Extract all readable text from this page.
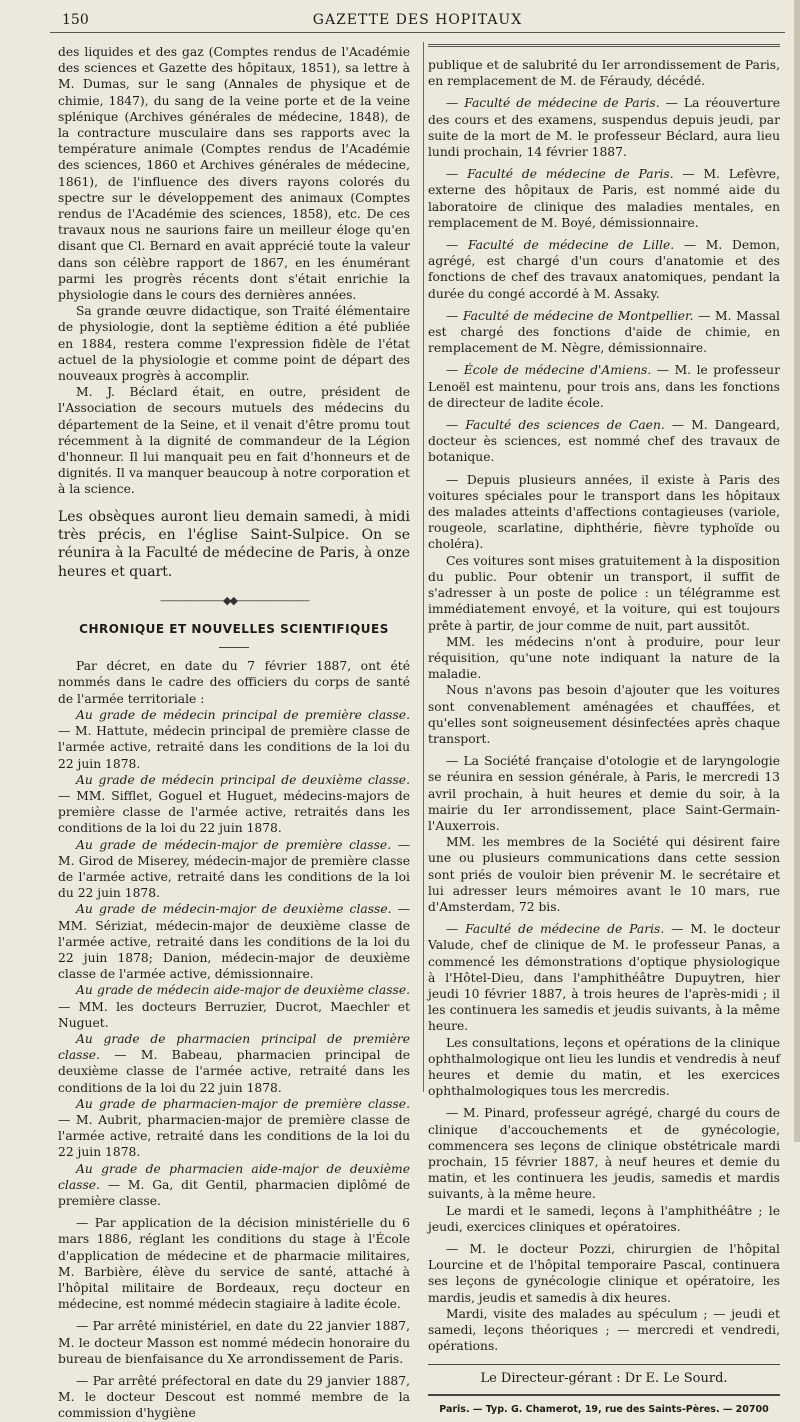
150	GAZETTE DES HOPITAUX

des liquides et des gaz (Comptes rendus de l'Académie des sciences et Gazette des hôpitaux, 1851), sa lettre à M. Dumas, sur le sang (Annales de physique et de chimie, 1847), du sang de la veine porte et de la veine splénique (Archives générales de médecine, 1848), de la contracture musculaire dans ses rapports avec la température animale (Comptes rendus de l'Académie des sciences, 1860 et Archives générales de médecine, 1861), de l'influence des divers rayons colorés du spectre sur le développement des animaux (Comptes rendus de l'Académie des sciences, 1858), etc. De ces travaux nous ne saurions faire un meilleur éloge qu'en disant que Cl. Bernard en avait apprécié toute la valeur dans son célèbre rapport de 1867, en les énumérant parmi les progrès récents dont s'était enrichie la physiologie dans le cours des dernières années.

Sa grande œuvre didactique, son Traité élémentaire de physiologie, dont la septième édition a été publiée en 1884, restera comme l'expression fidèle de l'état actuel de la physiologie et comme point de départ des nouveaux progrès à accomplir.

M. J. Béclard était, en outre, président de l'Association de secours mutuels des médecins du département de la Seine, et il venait d'être promu tout récemment à la dignité de commandeur de la Légion d'honneur. Il lui manquait peu en fait d'honneurs et de dignités. Il va manquer beaucoup à notre corporation et à la science.

Les obsèques auront lieu demain samedi, à midi très précis, en l'église Saint-Sulpice. On se réunira à la Faculté de médecine de Paris, à onze heures et quart.

———————◆◆————————
CHRONIQUE ET NOUVELLES SCIENTIFIQUES

Par décret, en date du 7 février 1887, ont été nommés dans le cadre des officiers du corps de santé de l'armée territoriale :

Au grade de médecin principal de première classe. — M. Hattute, médecin principal de première classe de l'armée active, retraité dans les conditions de la loi du 22 juin 1878.

Au grade de médecin principal de deuxième classe. — MM. Sifflet, Goguel et Huguet, médecins-majors de première classe de l'armée active, retraités dans les conditions de la loi du 22 juin 1878.

Au grade de médecin-major de première classe. — M. Girod de Miserey, médecin-major de première classe de l'armée active, retraité dans les conditions de la loi du 22 juin 1878.

Au grade de médecin-major de deuxième classe. — MM. Sériziat, médecin-major de deuxième classe de l'armée active, retraité dans les conditions de la loi du 22 juin 1878; Danion, médecin-major de deuxième classe de l'armée active, démissionnaire.

Au grade de médecin aide-major de deuxième classe. — MM. les docteurs Berruzier, Ducrot, Maechler et Nuguet.

Au grade de pharmacien principal de première classe. — M. Babeau, pharmacien principal de deuxième classe de l'armée active, retraité dans les conditions de la loi du 22 juin 1878.

Au grade de pharmacien-major de première classe. — M. Aubrit, pharmacien-major de première classe de l'armée active, retraité dans les conditions de la loi du 22 juin 1878.

Au grade de pharmacien aide-major de deuxième classe. — M. Ga, dit Gentil, pharmacien diplômé de première classe.

— Par application de la décision ministérielle du 6 mars 1886, réglant les conditions du stage à l'École d'application de médecine et de pharmacie militaires, M. Barbière, élève du service de santé, attaché à l'hôpital militaire de Bordeaux, reçu docteur en médecine, est nommé médecin stagiaire à ladite école.

— Par arrêté ministériel, en date du 22 janvier 1887, M. le docteur Masson est nommé médecin honoraire du bureau de bienfaisance du Xe arrondissement de Paris.

— Par arrêté préfectoral en date du 29 janvier 1887, M. le docteur Descout est nommé membre de la commission d'hygiène

publique et de salubrité du Ier arrondissement de Paris, en remplacement de M. de Féraudy, décédé.

— Faculté de médecine de Paris. — La réouverture des cours et des examens, suspendus depuis jeudi, par suite de la mort de M. le professeur Béclard, aura lieu lundi prochain, 14 février 1887.

— Faculté de médecine de Paris. — M. Lefèvre, externe des hôpitaux de Paris, est nommé aide du laboratoire de clinique des maladies mentales, en remplacement de M. Boyé, démissionnaire.

— Faculté de médecine de Lille. — M. Demon, agrégé, est chargé d'un cours d'anatomie et des fonctions de chef des travaux anatomiques, pendant la durée du congé accordé à M. Assaky.

— Faculté de médecine de Montpellier. — M. Massal est chargé des fonctions d'aide de chimie, en remplacement de M. Nègre, démissionnaire.

— École de médecine d'Amiens. — M. le professeur Lenoël est maintenu, pour trois ans, dans les fonctions de directeur de ladite école.

— Faculté des sciences de Caen. — M. Dangeard, docteur ès sciences, est nommé chef des travaux de botanique.

— Depuis plusieurs années, il existe à Paris des voitures spéciales pour le transport dans les hôpitaux des malades atteints d'affections contagieuses (variole, rougeole, scarlatine, diphthérie, fièvre typhoïde ou choléra).

Ces voitures sont mises gratuitement à la disposition du public. Pour obtenir un transport, il suffit de s'adresser à un poste de police : un télégramme est immédiatement envoyé, et la voiture, qui est toujours prête à partir, de jour comme de nuit, part aussitôt.

MM. les médecins n'ont à produire, pour leur réquisition, qu'une note indiquant la nature de la maladie.

Nous n'avons pas besoin d'ajouter que les voitures sont convenablement aménagées et chauffées, et qu'elles sont soigneusement désinfectées après chaque transport.

— La Société française d'otologie et de laryngologie se réunira en session générale, à Paris, le mercredi 13 avril prochain, à huit heures et demie du soir, à la mairie du Ier arrondissement, place Saint-Germain-l'Auxerrois.

MM. les membres de la Société qui désirent faire une ou plusieurs communications dans cette session sont priés de vouloir bien prévenir M. le secrétaire et lui adresser leurs mémoires avant le 10 mars, rue d'Amsterdam, 72 bis.

— Faculté de médecine de Paris. — M. le docteur Valude, chef de clinique de M. le professeur Panas, a commencé les démonstrations d'optique physiologique à l'Hôtel-Dieu, dans l'amphithéâtre Dupuytren, hier jeudi 10 février 1887, à trois heures de l'après-midi ; il les continuera les samedis et jeudis suivants, à la même heure.

Les consultations, leçons et opérations de la clinique ophthalmologique ont lieu les lundis et vendredis à neuf heures et demie du matin, et les exercices ophthalmologiques tous les mercredis.

— M. Pinard, professeur agrégé, chargé du cours de clinique d'accouchements et de gynécologie, commencera ses leçons de clinique obstétricale mardi prochain, 15 février 1887, à neuf heures et demie du matin, et les continuera les jeudis, samedis et mardis suivants, à la même heure.

Le mardi et le samedi, leçons à l'amphithéâtre ; le jeudi, exercices cliniques et opératoires.

— M. le docteur Pozzi, chirurgien de l'hôpital Lourcine et de l'hôpital temporaire Pascal, continuera ses leçons de gynécologie clinique et opératoire, les mardis, jeudis et samedis à dix heures.

Mardi, visite des malades au spéculum ; — jeudi et samedi, leçons théoriques ; — mercredi et vendredi, opérations.

Le Directeur-gérant : Dr E. Le Sourd.
Paris. — Typ. G. Chamerot, 19, rue des Saints-Pères. — 20700
